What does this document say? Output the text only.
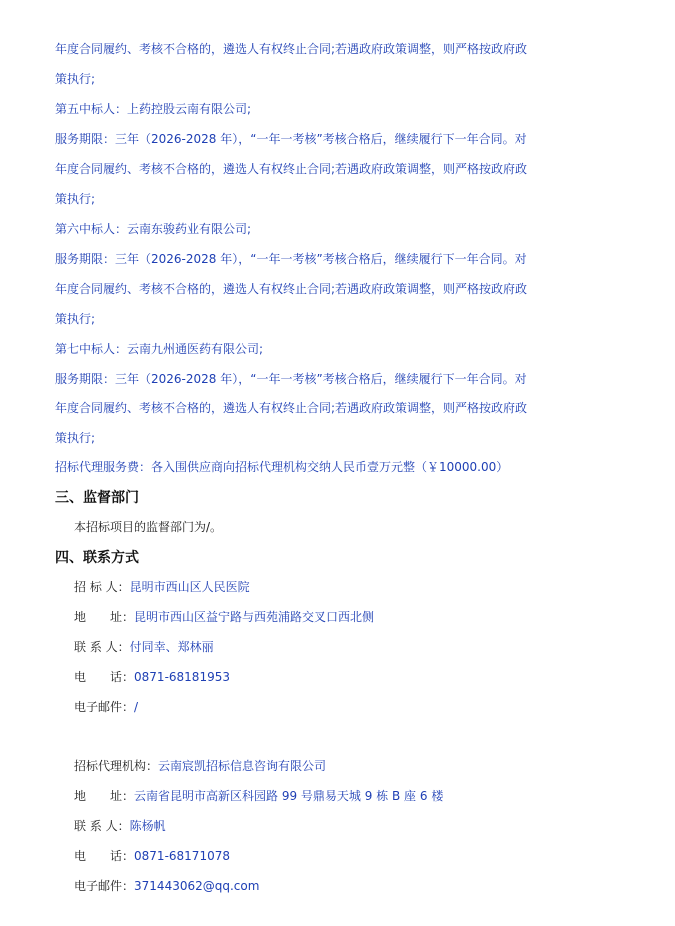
年度合同履约、考核不合格的，遴选人有权终止合同;若遇政府政策调整，则严格按政府政
策执行;
第五中标人：上药控股云南有限公司;
服务期限：三年（2026-2028 年），“一年一考核”考核合格后，继续履行下一年合同。对
年度合同履约、考核不合格的，遴选人有权终止合同;若遇政府政策调整，则严格按政府政
策执行;
第六中标人：云南东骏药业有限公司;
服务期限：三年（2026-2028 年），“一年一考核”考核合格后，继续履行下一年合同。对
年度合同履约、考核不合格的，遴选人有权终止合同;若遇政府政策调整，则严格按政府政
策执行;
第七中标人：云南九州通医药有限公司;
服务期限：三年（2026-2028 年），“一年一考核”考核合格后，继续履行下一年合同。对
年度合同履约、考核不合格的，遴选人有权终止合同;若遇政府政策调整，则严格按政府政
策执行;
招标代理服务费：各入围供应商向招标代理机构交纳人民币壹万元整（￥10000.00）
三、监督部门
本招标项目的监督部门为/。
四、联系方式
招 标 人：昆明市西山区人民医院
地　　址：昆明市西山区益宁路与西苑浦路交叉口西北侧
联 系 人：付同幸、郑林丽
电　　话：0871-68181953
电子邮件：/
招标代理机构：云南宸凯招标信息咨询有限公司
地　　址：云南省昆明市高新区科园路 99 号鼎易天城 9 栋 B 座 6 楼
联 系 人：陈杨帆
电　　话：0871-68171078
电子邮件：371443062@qq.com
